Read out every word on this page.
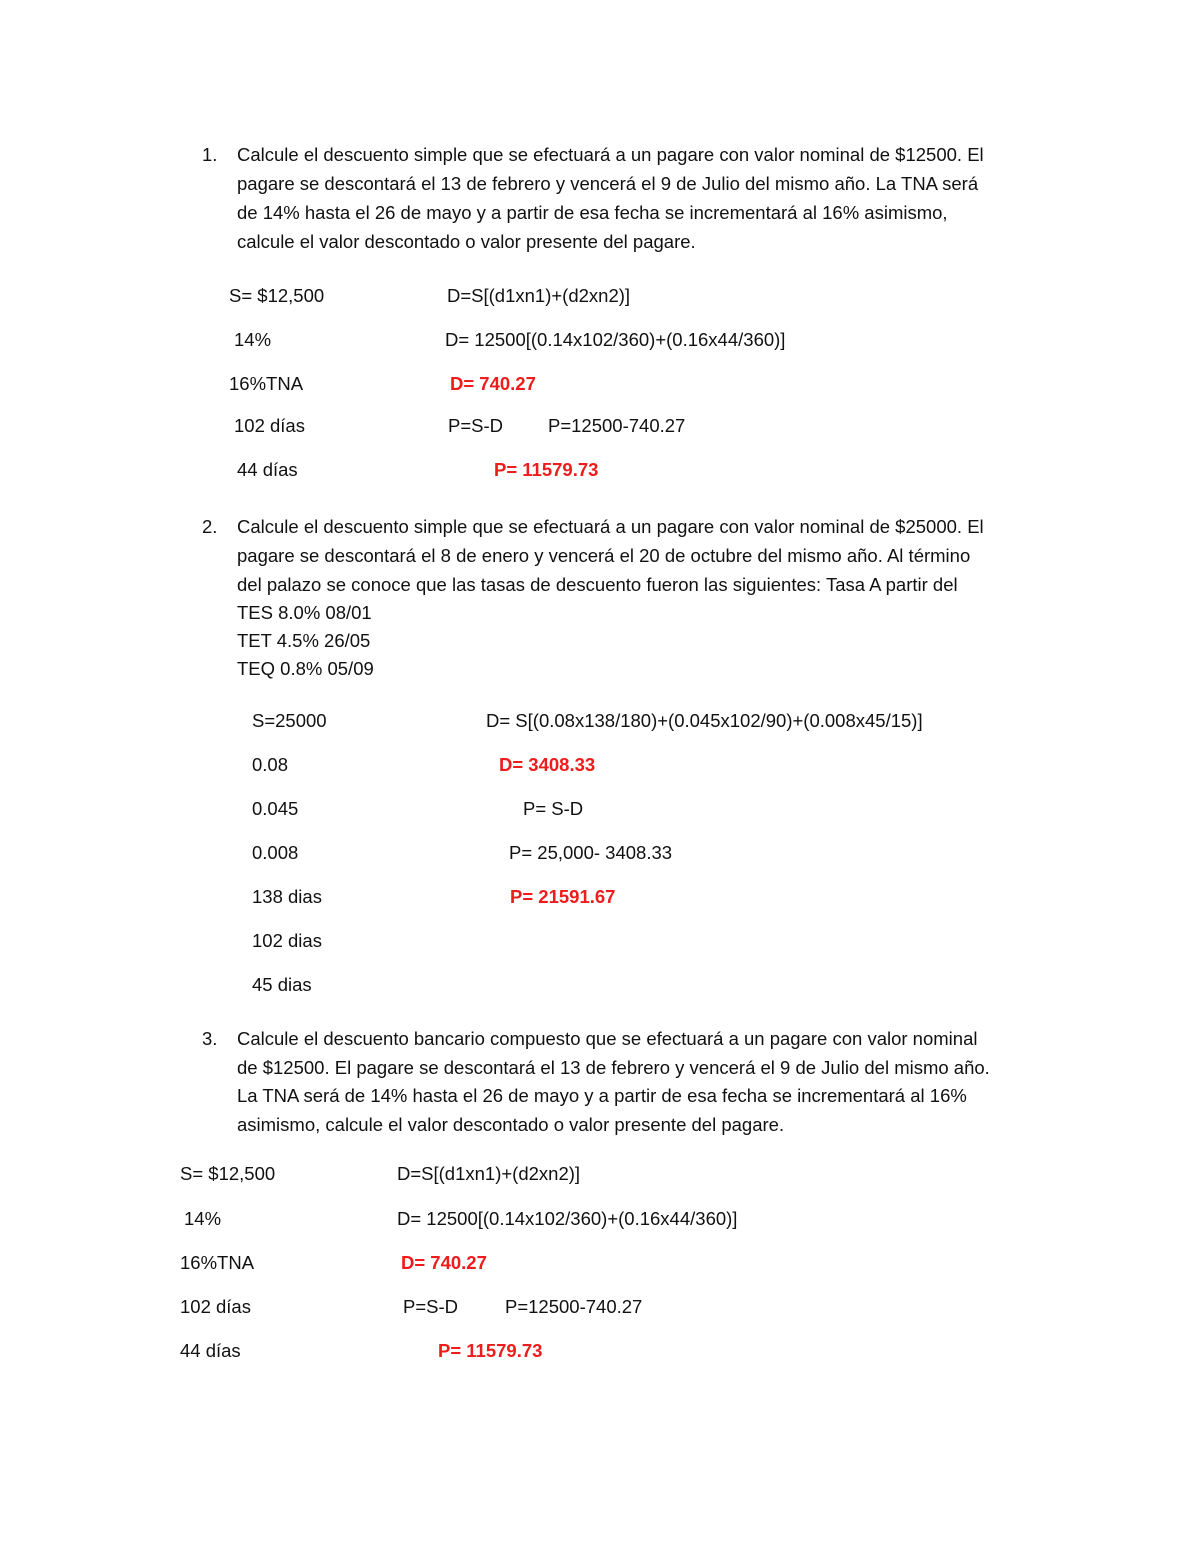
1. Calcule el descuento simple que se efectuará a un pagare con valor nominal de $12500. El
pagare se descontará el 13 de febrero y vencerá el 9 de Julio del mismo año. La TNA será
de 14% hasta el 26 de mayo y a partir de esa fecha se incrementará al 16% asimismo,
calcule el valor descontado o valor presente del pagare.
S= $12,500	D=S[(d1xn1)+(d2xn2)]
14%	D= 12500[(0.14x102/360)+(0.16x44/360)]
16%TNA	D= 740.27
102 días	P=S-D P=12500-740.27
44 días	P= 11579.73
2. Calcule el descuento simple que se efectuará a un pagare con valor nominal de $25000. El
pagare se descontará el 8 de enero y vencerá el 20 de octubre del mismo año. Al término
del palazo se conoce que las tasas de descuento fueron las siguientes: Tasa A partir del
TES 8.0% 08/01
TET 4.5% 26/05
TEQ 0.8% 05/09
S=25000	D= S[(0.08x138/180)+(0.045x102/90)+(0.008x45/15)]
0.08	D= 3408.33
0.045	P= S-D
0.008	P= 25,000- 3408.33
138 dias	P= 21591.67
102 dias
45 dias
3. Calcule el descuento bancario compuesto que se efectuará a un pagare con valor nominal
de $12500. El pagare se descontará el 13 de febrero y vencerá el 9 de Julio del mismo año.
La TNA será de 14% hasta el 26 de mayo y a partir de esa fecha se incrementará al 16%
asimismo, calcule el valor descontado o valor presente del pagare.
S= $12,500	D=S[(d1xn1)+(d2xn2)]
14%	D= 12500[(0.14x102/360)+(0.16x44/360)]
16%TNA	D= 740.27
102 días	P=S-D	P=12500-740.27
44 días	P= 11579.73
